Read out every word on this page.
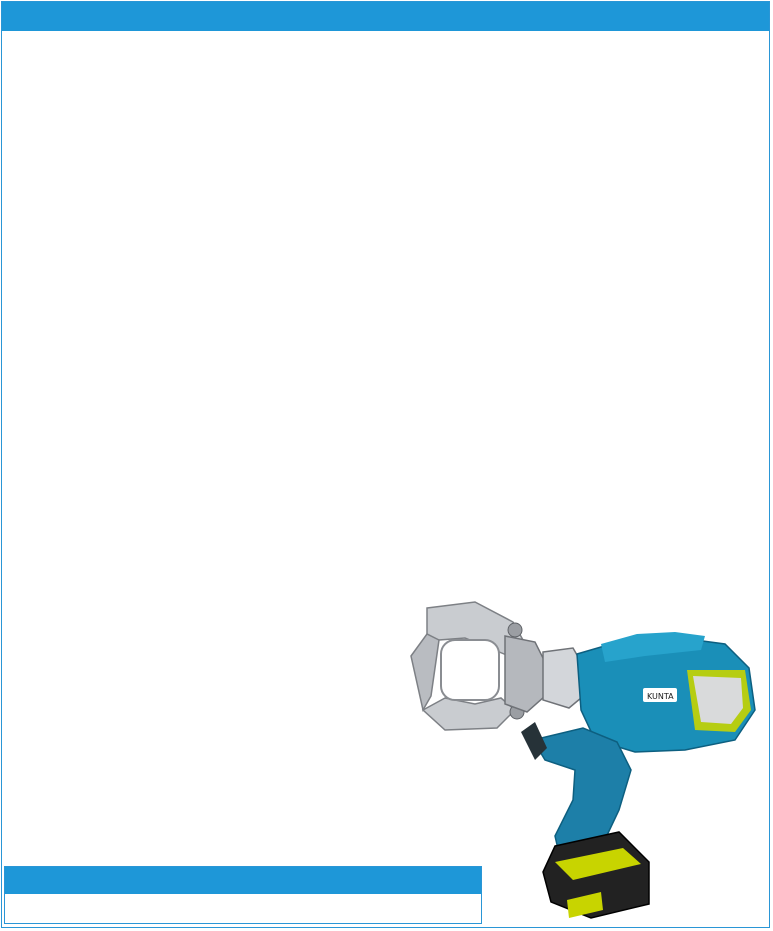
KUNTA
